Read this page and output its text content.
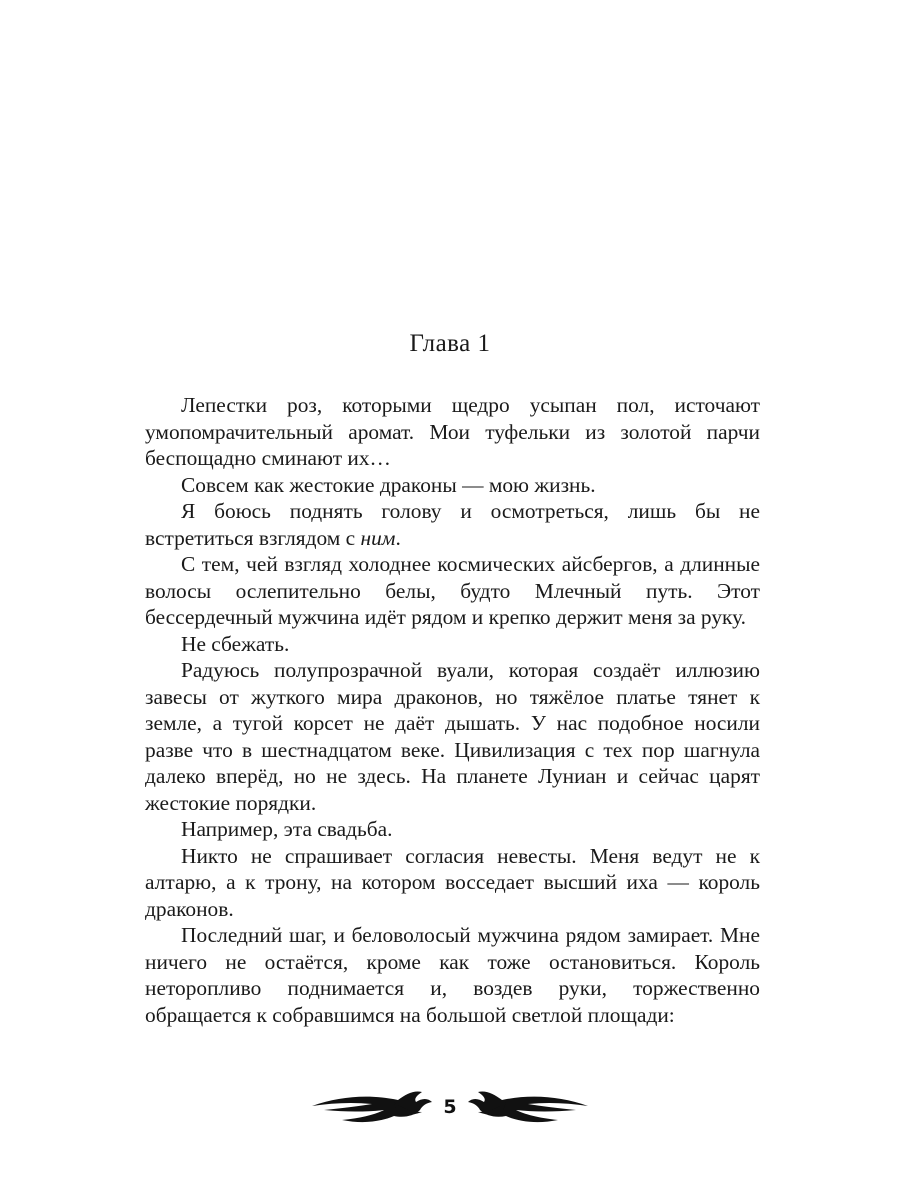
Глава 1

Лепестки роз, которыми щедро усыпан пол, источают умопомрачительный аромат. Мои туфельки из золотой парчи беспощадно сминают их…

Совсем как жестокие драконы — мою жизнь.

Я боюсь поднять голову и осмотреться, лишь бы не встретиться взглядом с ним.

С тем, чей взгляд холоднее космических айсбергов, а длинные волосы ослепительно белы, будто Млечный путь. Этот бессердечный мужчина идёт рядом и крепко держит меня за руку.

Не сбежать.

Радуюсь полупрозрачной вуали, которая создаёт иллюзию завесы от жуткого мира драконов, но тяжёлое платье тянет к земле, а тугой корсет не даёт дышать. У нас подобное носили разве что в шестнадцатом веке. Цивилизация с тех пор шагнула далеко вперёд, но не здесь. На планете Луниан и сейчас царят жестокие порядки.

Например, эта свадьба.

Никто не спрашивает согласия невесты. Меня ведут не к алтарю, а к трону, на котором восседает высший иха — король драконов.

Последний шаг, и беловолосый мужчина рядом замирает. Мне ничего не остаётся, кроме как тоже остановиться. Король неторопливо поднимается и, воздев руки, торжественно обращается к собравшимся на большой светлой площади:

5
